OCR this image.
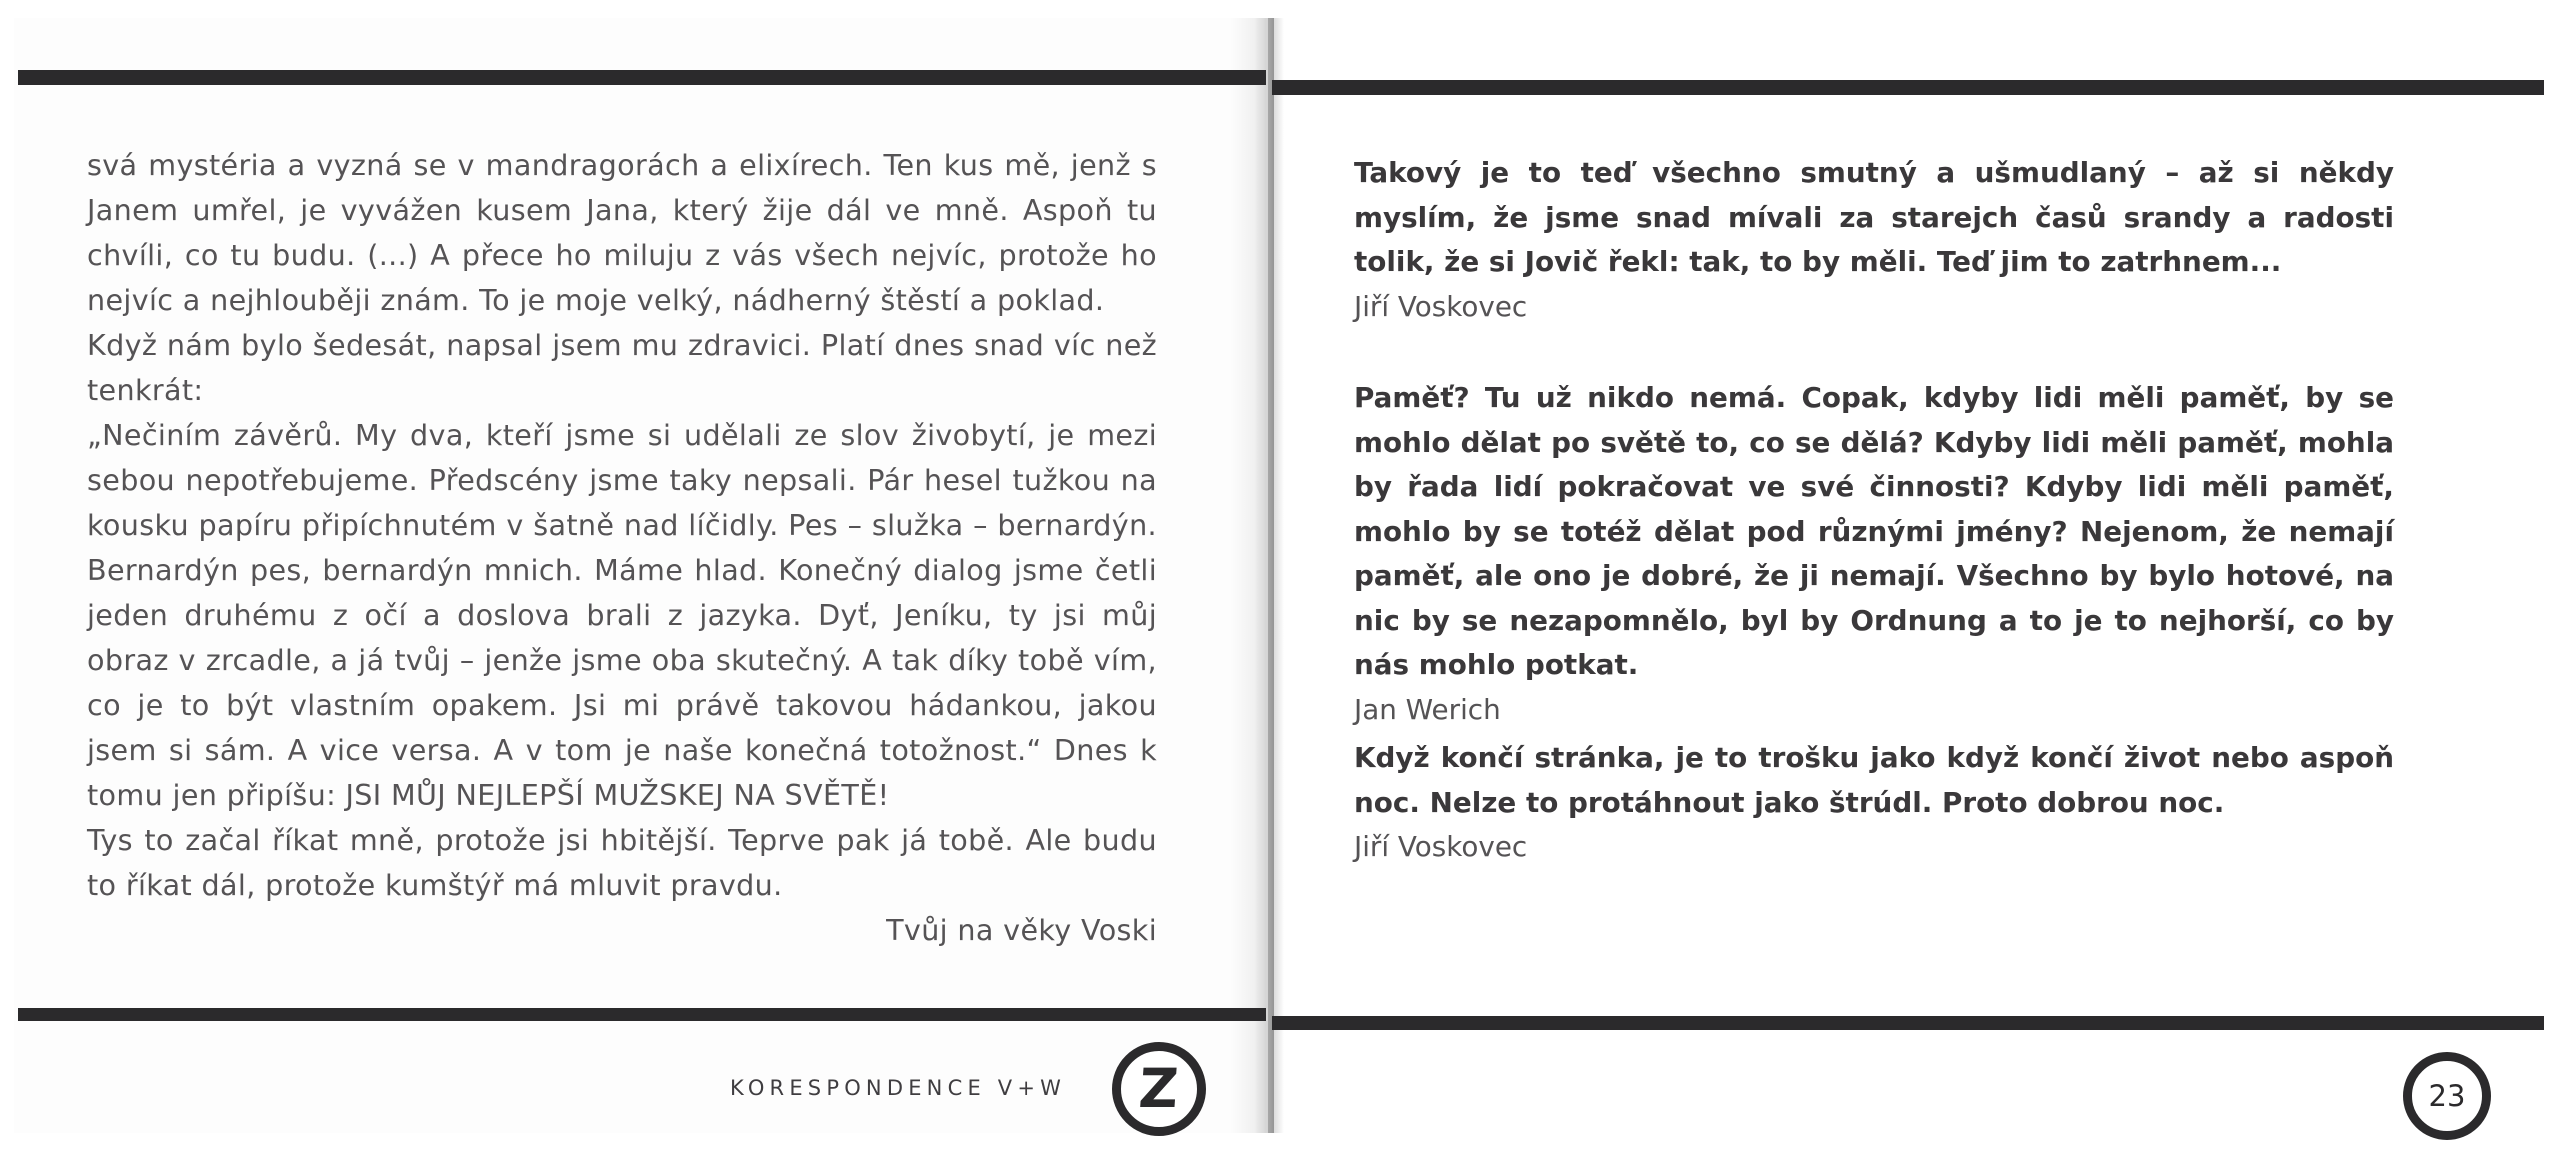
svá mystéria a vyzná se v mandragorách a elixírech. Ten kus mě, jenž s Janem umřel, je vyvážen kusem Jana, který žije dál ve mně. Aspoň tu chvíli, co tu budu. (...) A přece ho miluju z vás všech nejvíc, protože ho nejvíc a nejhlouběji znám. To je moje velký, nádherný štěstí a poklad.

Když nám bylo šedesát, napsal jsem mu zdravici. Platí dnes snad víc než tenkrát:

„Nečiním závěrů. My dva, kteří jsme si udělali ze slov živobytí, je mezi sebou nepotřebujeme. Předscény jsme taky nepsali. Pár hesel tužkou na kousku papíru připíchnutém v šatně nad líčidly. Pes – služka – bernardýn. Bernardýn pes, bernardýn mnich. Máme hlad. Konečný dialog jsme četli jeden druhému z očí a doslova brali z jazyka. Dyť, Jeníku, ty jsi můj obraz v zrcadle, a já tvůj – jenže jsme oba skutečný. A tak díky tobě vím, co je to být vlastním opakem. Jsi mi právě takovou hádankou, jakou jsem si sám. A vice versa. A v tom je naše konečná totožnost.“ Dnes k tomu jen připíšu: JSI MŮJ NEJLEPŠÍ MUŽSKEJ NA SVĚTĚ!

Tys to začal říkat mně, protože jsi hbitější. Teprve pak já tobě. Ale budu to říkat dál, protože kumštýř má mluvit pravdu.

Tvůj na věky Voski

Takový je to teď všechno smutný a ušmudlaný – až si někdy myslím, že jsme snad mívali za starejch časů srandy a radosti tolik, že si Jovič řekl: tak, to by měli. Teď jim to zatrhnem...
Jiří Voskovec
Paměť? Tu už nikdo nemá. Copak, kdyby lidi měli paměť, by se mohlo dělat po světě to, co se dělá? Kdyby lidi měli paměť, mohla by řada lidí pokračovat ve své činnosti? Kdyby lidi měli paměť, mohlo by se totéž dělat pod různými jmény? Nejenom, že nemají paměť, ale ono je dobré, že ji nemají. Všechno by bylo hotové, na nic by se nezapomnělo, byl by Ordnung a to je to nejhorší, co by nás mohlo potkat.
Jan Werich
Když končí stránka, je to trošku jako když končí život nebo aspoň noc. Nelze to protáhnout jako štrúdl. Proto dobrou noc.
Jiří Voskovec
KORESPONDENCE V+W Z	23
